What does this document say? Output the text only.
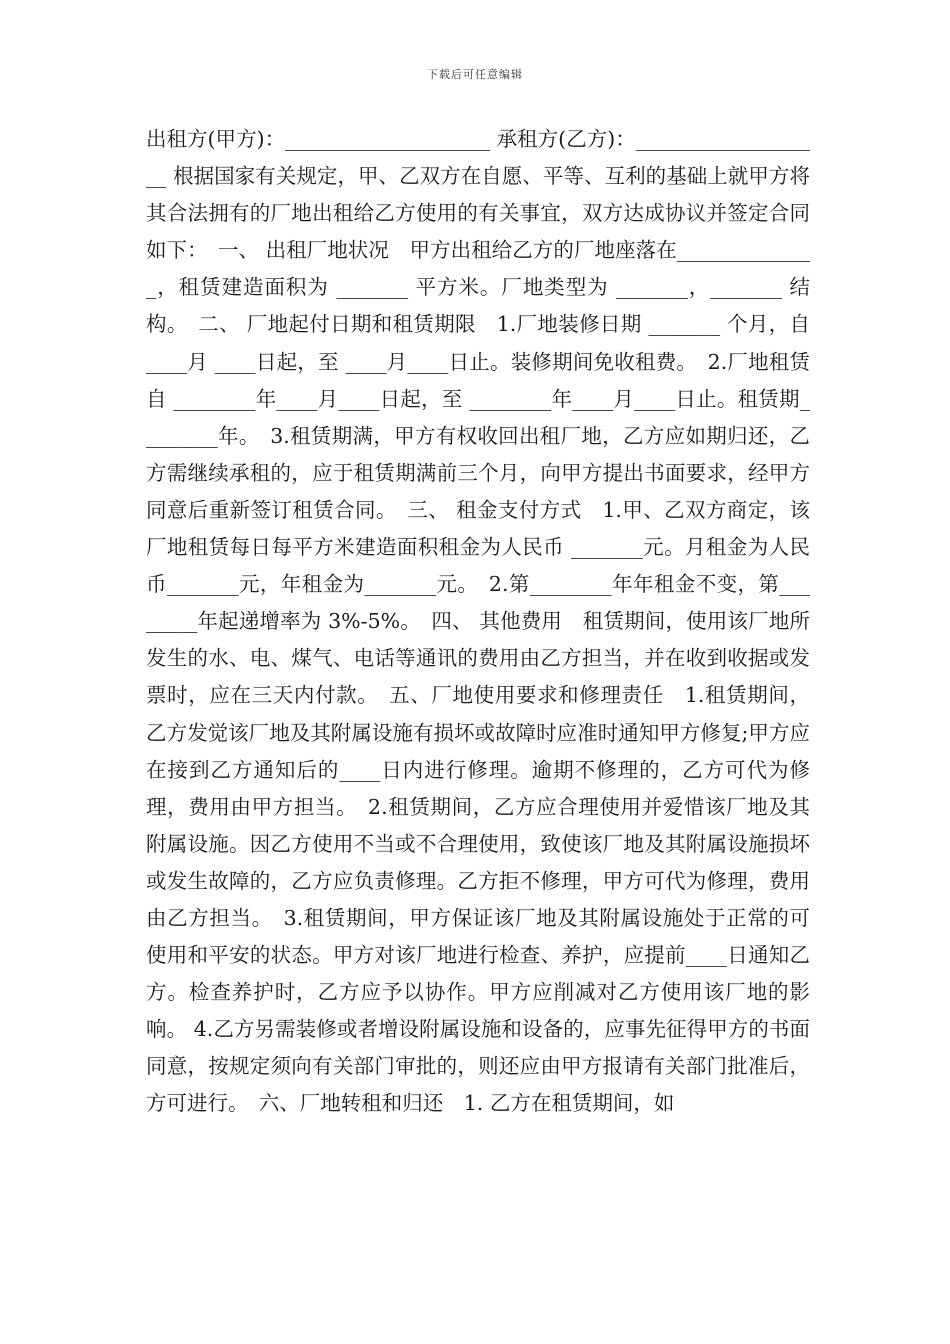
下载后可任意编辑

出租方(甲方)：____________________ 承租方(乙方)：___________________ 根据国家有关规定，甲、乙双方在自愿、平等、互利的基础上就甲方将其合法拥有的厂地出租给乙方使用的有关事宜，双方达成协议并签定合同如下：　一、 出租厂地状况　甲方出租给乙方的厂地座落在______________，租赁建造面积为 _______ 平方米。厂地类型为 _______，_______ 结构。　二、 厂地起付日期和租赁期限　1.厂地装修日期 _______ 个月，自 ____月 ____日起，至 ____月____日止。装修期间免收租费。　2.厂地租赁自 ________年____月____日起，至 ________年____月____日止。租赁期________年。　3.租赁期满，甲方有权收回出租厂地，乙方应如期归还，乙方需继续承租的，应于租赁期满前三个月，向甲方提出书面要求，经甲方同意后重新签订租赁合同。　三、 租金支付方式　1.甲、乙双方商定，该厂地租赁每日每平方米建造面积租金为人民币 _______元。月租金为人民币_______元，年租金为_______元。　2.第________年年租金不变，第________年起递增率为 3%-5%。　四、 其他费用　租赁期间，使用该厂地所发生的水、电、煤气、电话等通讯的费用由乙方担当，并在收到收据或发票时，应在三天内付款。　五、厂地使用要求和修理责任　1.租赁期间，乙方发觉该厂地及其附属设施有损坏或故障时应准时通知甲方修复;甲方应在接到乙方通知后的____日内进行修理。逾期不修理的，乙方可代为修理，费用由甲方担当。　2.租赁期间，乙方应合理使用并爱惜该厂地及其附属设施。因乙方使用不当或不合理使用，致使该厂地及其附属设施损坏或发生故障的，乙方应负责修理。乙方拒不修理，甲方可代为修理，费用由乙方担当。　3.租赁期间，甲方保证该厂地及其附属设施处于正常的可使用和平安的状态。甲方对该厂地进行检查、养护，应提前____日通知乙方。检查养护时，乙方应予以协作。甲方应削减对乙方使用该厂地的影响。 4.乙方另需装修或者增设附属设施和设备的，应事先征得甲方的书面同意，按规定须向有关部门审批的，则还应由甲方报请有关部门批准后，方可进行。　六、厂地转租和归还　1. 乙方在租赁期间，如
